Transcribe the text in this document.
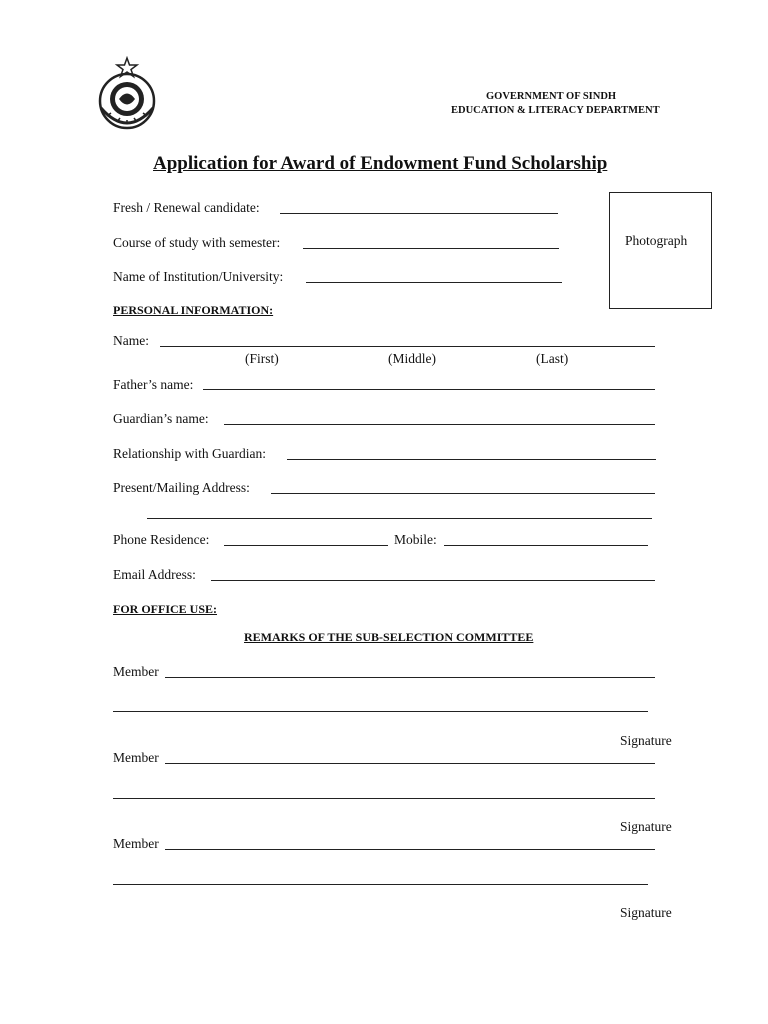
GOVERNMENT OF SINDH
EDUCATION & LITERACY DEPARTMENT
Application for Award of Endowment Fund Scholarship
Photograph
Fresh / Renewal candidate:
Course of study with semester:
Name of Institution/University:
PERSONAL INFORMATION:
Name:
(First)	(Middle)	(Last)
Father’s name:
Guardian’s name:
Relationship with Guardian:
Present/Mailing Address:
Phone Residence:	Mobile:
Email Address:
FOR OFFICE USE:
REMARKS OF THE SUB-SELECTION COMMITTEE
Member
Signature
Member
Signature
Member
Signature
